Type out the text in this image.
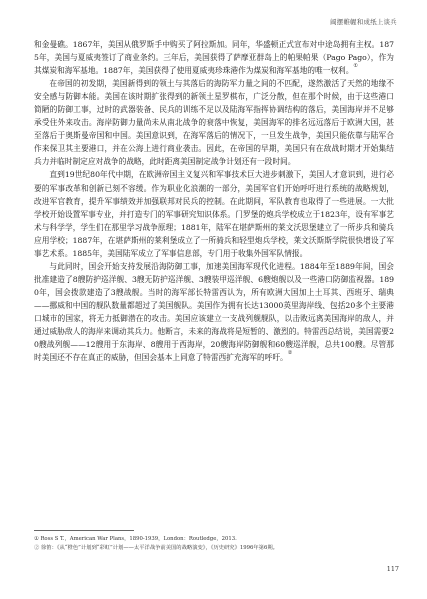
阔摆帷幄和成纸上谈兵

和金曼礁。1867年，美国从俄罗斯手中购买了阿拉斯加。同年，华盛顿正式宣布对中途岛拥有主权。1875年，美国与夏威夷签订了商业条约。三年后，美国获得了萨摩亚群岛上的帕果帕果（Pago Pago），作为其煤炭和海军基地。1887年，美国获得了使用夏威夷珍珠港作为煤炭和海军基地的唯一权利。①

在帝国的初发期，美国新得到的领土与其落后的海防军力量之间的不匹配，遂然激活了天然的地缘不安全感与防御本能。美国在该时期扩张得到的新领土星罗棋布，广泛分散，但在那个时候，由于这些港口简陋的防御工事，过时的武器装备、民兵的训练不足以及陆海军指挥协调结构的落后，美国海岸并不足够承受住外来攻击。海岸防御力量尚未从南北战争的衰落中恢复，美国海军的排名远远落后于欧洲大国，甚至落后于奥斯曼帝国和中国。美国意识到，在海军落后的情况下，一旦发生战争，美国只能依靠与陆军合作来保卫其主要港口，并在公海上进行商业袭击。因此，在帝国的早期，美国只有在敌战时期才开始集结兵力并临时制定应对战争的战略，此时距离美国制定战争计划还有一段时间。

直到19世纪80年代中期，在欧洲帝国主义复兴和军事技术巨大进步刺激下，美国人才意识到，进行必要的军事改革和创新已刻不容缓。作为职业化浪潮的一部分，美国军官们开始呼吁进行系统的战略规划，改进军官教育，提升军事绩效并加强联邦对民兵的控制。在此期间，军队教育也取得了一些进展。一大批学校开始设置军事专业，并打造专门的军事研究知识体系。门罗堡的炮兵学校成立于1823年，设有军事艺术与科学学，学生们在那里学习战争原理；1881年，陆军在堪萨斯州的莱文沃思堡建立了一所步兵和骑兵应用学校；1887年，在堪萨斯州的莱利堡成立了一所骑兵和轻型炮兵学校，莱文沃斯斯学院很快增设了军事艺术系。1885年，美国陆军成立了军事信息部，专门用于收集外国军队情报。

与此同时，国会开始支持发展沿海防御工事，加速美国海军现代化进程。1884年至1889年间，国会批准建造了8艘防护巡洋舰、3艘无防护巡洋舰、3艘装甲巡洋舰、6艘炮舰以及一些港口防御监视器。1890年，国会拨款建造了3艘战舰。当时的海军部长特雷西认为，所有欧洲大国加上土耳其、西班牙、瑞典——挪威和中国的舰队数量都超过了美国舰队。美国作为拥有长达13000英里海岸线、包括20多个主要港口城市的国家，将无力抵御潜在的攻击。美国应该建立一支战列舰舰队，以击败远离美国海岸的敌人，并通过威胁敌人的海岸来调动其兵力。他断言，未来的海战将是短暂的、激烈的。特雷西总结说，美国需要20艘战列舰——12艘用于东海岸、8艘用于西海岸，20艘海岸防御舰和60艘巡洋舰，总共100艘。尽管那时美国还不存在真正的威胁，但国会基本上同意了特雷西扩充海军的呼吁。②

① Ross S T.，American War Plans，1890-1939，London：Routledge，2013.
② 徐笛：《从“橙色”计划到“彩虹”计划——太平洋战争前美国的战略演变》，《历史研究》1996年第6期。
117
